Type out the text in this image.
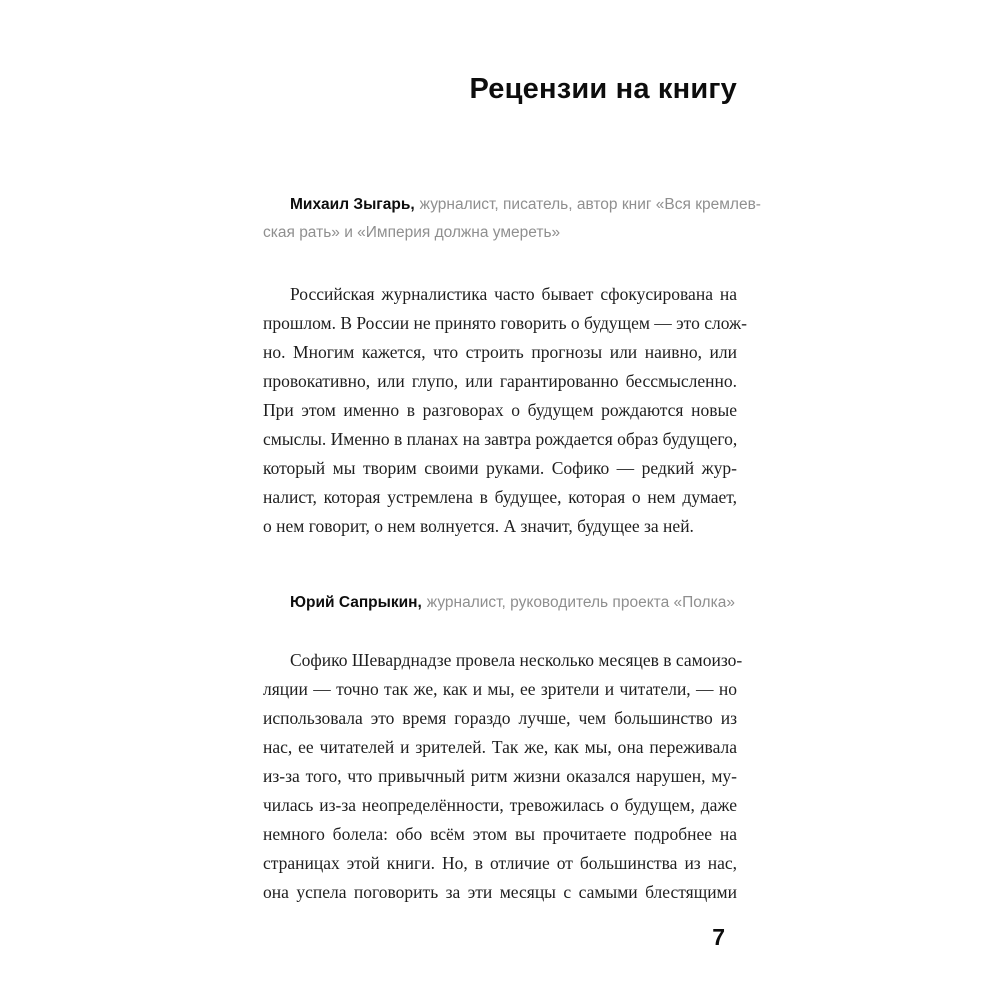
Рецензии на книгу
Михаил Зыгарь, журналист, писатель, автор книг «Вся кремлев-
ская рать» и «Империя должна умереть»
Российская журналистика часто бывает сфокусирована на
прошлом. В России не принято говорить о будущем — это слож-
но. Многим кажется, что строить прогнозы или наивно, или
провокативно, или глупо, или гарантированно бессмысленно.
При этом именно в разговорах о будущем рождаются новые
смыслы. Именно в планах на завтра рождается образ будущего,
который мы творим своими руками. Софико — редкий жур-
налист, которая устремлена в будущее, которая о нем думает,
о нем говорит, о нем волнуется. А значит, будущее за ней.
Юрий Сапрыкин, журналист, руководитель проекта «Полка»
Софико Шеварднадзе провела несколько месяцев в самоизо-
ляции — точно так же, как и мы, ее зрители и читатели, — но
использовала это время гораздо лучше, чем большинство из
нас, ее читателей и зрителей. Так же, как мы, она переживала
из-за того, что привычный ритм жизни оказался нарушен, му-
чилась из-за неопределённости, тревожилась о будущем, даже
немного болела: обо всём этом вы прочитаете подробнее на
страницах этой книги. Но, в отличие от большинства из нас,
она успела поговорить за эти месяцы с самыми блестящими
7
